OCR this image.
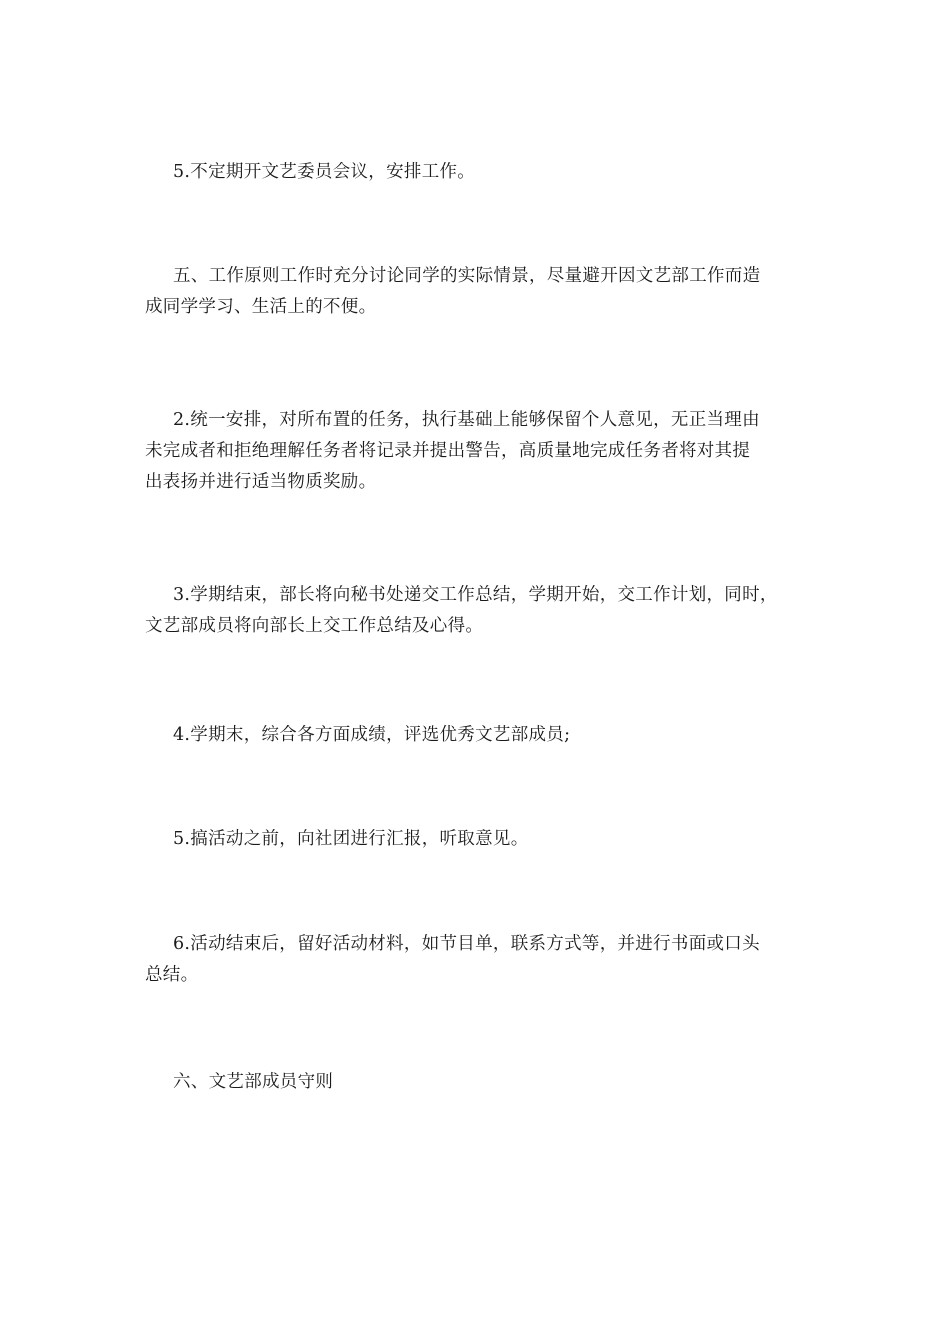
5.不定期开文艺委员会议，安排工作。

五、工作原则工作时充分讨论同学的实际情景，尽量避开因文艺部工作而造
成同学学习、生活上的不便。

2.统一安排，对所布置的任务，执行基础上能够保留个人意见，无正当理由
未完成者和拒绝理解任务者将记录并提出警告，高质量地完成任务者将对其提
出表扬并进行适当物质奖励。

3.学期结束，部长将向秘书处递交工作总结，学期开始，交工作计划，同时，
文艺部成员将向部长上交工作总结及心得。

4.学期末，综合各方面成绩，评选优秀文艺部成员;

5.搞活动之前，向社团进行汇报，听取意见。

6.活动结束后，留好活动材料，如节目单，联系方式等，并进行书面或口头
总结。

六、文艺部成员守则
